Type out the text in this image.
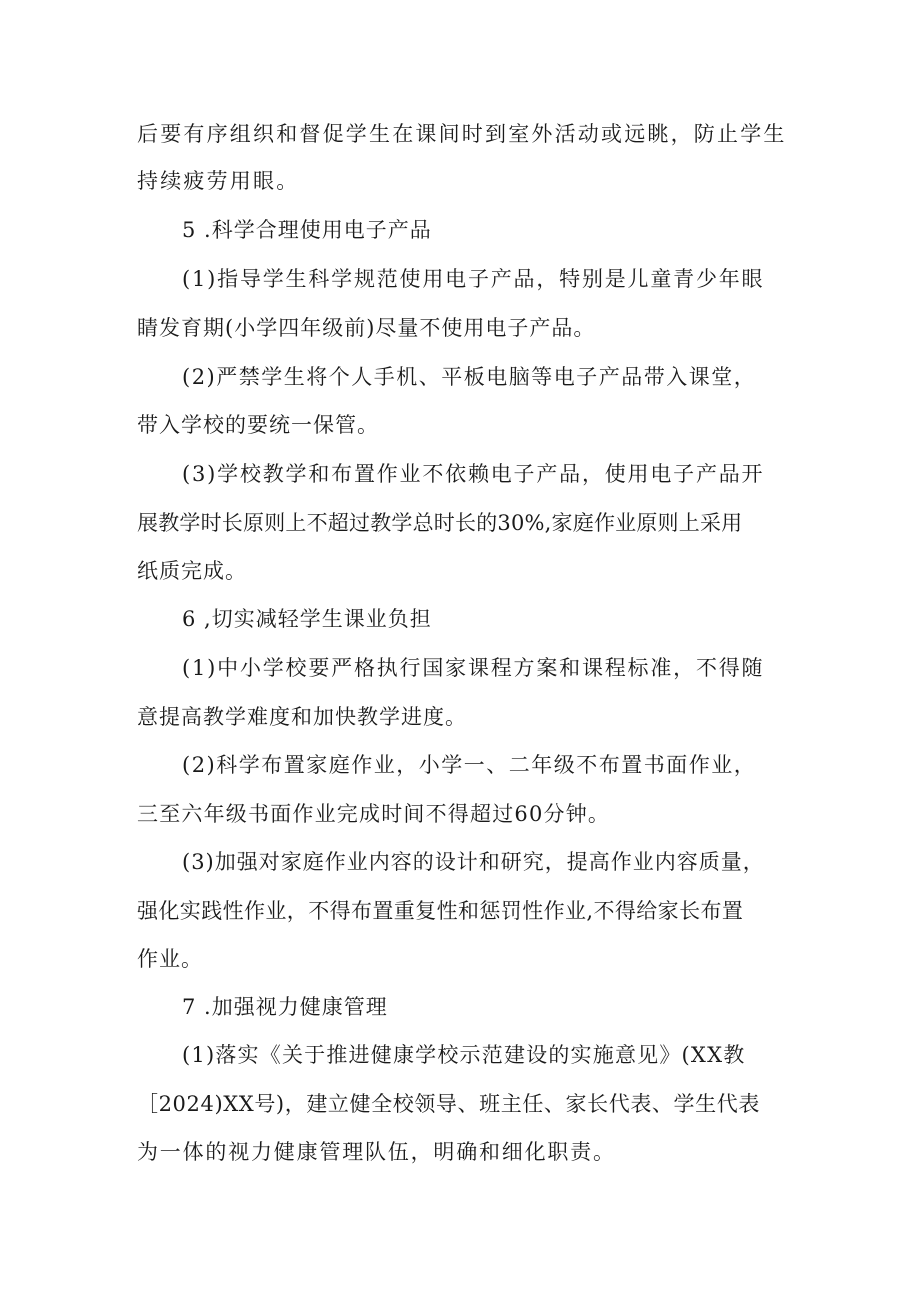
后要有序组织和督促学生在课间时到室外活动或远眺，防止学生
持续疲劳用眼。
5 .科学合理使用电子产品
(1)指导学生科学规范使用电子产品，特别是儿童青少年眼
睛发育期(小学四年级前)尽量不使用电子产品。
(2)严禁学生将个人手机、平板电脑等电子产品带入课堂，
带入学校的要统一保管。
(3)学校教学和布置作业不依赖电子产品，使用电子产品开
展教学时长原则上不超过教学总时长的30%,家庭作业原则上采用
纸质完成。
6 ,切实减轻学生课业负担
(1)中小学校要严格执行国家课程方案和课程标准，不得随
意提高教学难度和加快教学进度。
(2)科学布置家庭作业，小学一、二年级不布置书面作业，
三至六年级书面作业完成时间不得超过60分钟。
(3)加强对家庭作业内容的设计和研究，提高作业内容质量，
强化实践性作业，不得布置重复性和惩罚性作业,不得给家长布置
作业。
7 .加强视力健康管理
(1)落实《关于推进健康学校示范建设的实施意见》(XX教
［2024)XX号)，建立健全校领导、班主任、家长代表、学生代表
为一体的视力健康管理队伍，明确和细化职责。
